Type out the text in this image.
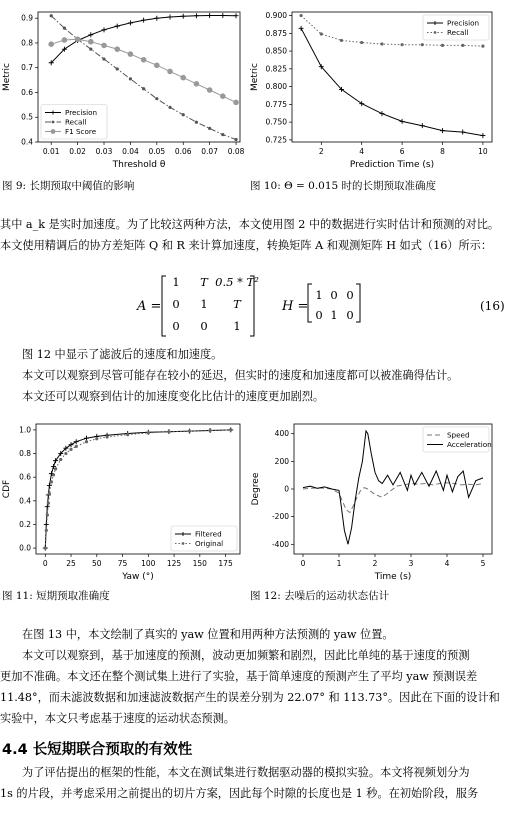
0.01 0.02 0.03 0.04 0.05 0.06 0.07 0.08
0.4
0.5
0.6
0.7
0.8
0.9
Threshold θ
Metric
Precision
Recall
F1 Score
2	4	6	8	10
0.725
0.750
0.775
0.800
0.825
0.850
0.875
0.900
Prediction Time (s)
Metric
Precision
Recall
图 9: 长期预取中阈值的影响	图 10: Θ = 0.015 时的长期预取准确度

其中 a_k 是实时加速度。为了比较这两种方法，本文使用图 2 中的数据进行实时估计和预测的对比。

本文使用精调后的协方差矩阵 Q 和 R 来计算加速度，转换矩阵 A 和观测矩阵 H 如式（16）所示：

A =
1 T 0.5 * T²
0 1 T
0 0 1
H =
1 0 0
0 1 0
(16)

图 12 中显示了滤波后的速度和加速度。

本文可以观察到尽管可能存在较小的延迟，但实时的速度和加速度都可以被准确得估计。

本文还可以观察到估计的加速度变化比估计的速度更加剧烈。

0 25 50 75 100 125 150 175
0.0
0.2
0.4
0.6
0.8
1.0
Yaw (°)
CDF
Filtered
Original
0	1	2	3	4	5
400
200
0
-200
-400
Time (s)
Degree
Speed
Acceleration
图 11: 短期预取准确度	图 12: 去噪后的运动状态估计

在图 13 中，本文绘制了真实的 yaw 位置和用两种方法预测的 yaw 位置。

本文可以观察到，基于加速度的预测，波动更加频繁和剧烈，因此比单纯的基于速度的预测

更加不准确。本文还在整个测试集上进行了实验，基于简单速度的预测产生了平均 yaw 预测误差

11.48°，而未滤波数据和加速滤波数据产生的误差分别为 22.07° 和 113.73°。因此在下面的设计和

实验中，本文只考虑基于速度的运动状态预测。

4.4 长短期联合预取的有效性

为了评估提出的框架的性能，本文在测试集进行数据驱动器的模拟实验。本文将视频划分为

1s 的片段，并考虑采用之前提出的切片方案，因此每个时隙的长度也是 1 秒。在初始阶段，服务
